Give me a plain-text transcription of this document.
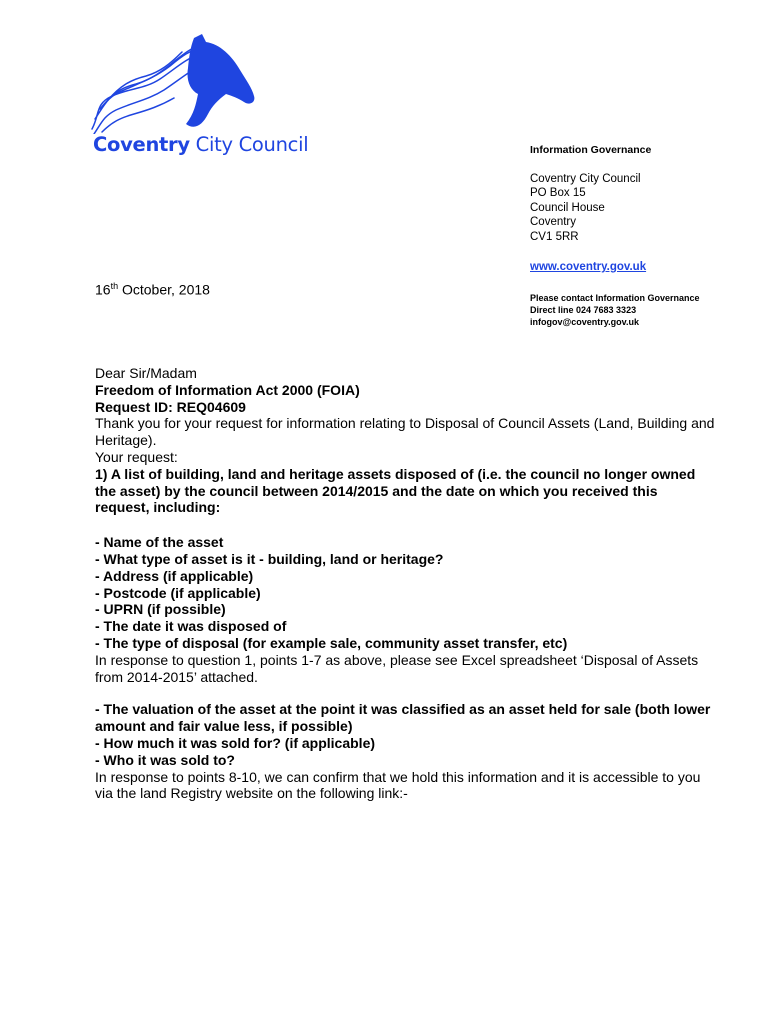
Coventry City Council	Information Governance
Coventry City Council
PO Box 15
Council House
Coventry
CV1 5RR
www.coventry.gov.uk
Please contact Information Governance
Direct line 024 7683 3323
infogov@coventry.gov.uk
16th October, 2018

Dear Sir/Madam

Freedom of Information Act 2000 (FOIA)

Request ID: REQ04609

Thank you for your request for information relating to Disposal of Council Assets (Land, Building and Heritage).

Your request:

1) A list of building, land and heritage assets disposed of (i.e. the council no longer owned the asset) by the council between 2014/2015 and the date on which you received this request, including:

- Name of the asset

- What type of asset is it - building, land or heritage?

- Address (if applicable)

- Postcode (if applicable)

- UPRN (if possible)

- The date it was disposed of

- The type of disposal (for example sale, community asset transfer, etc)

In response to question 1, points 1-7 as above, please see Excel spreadsheet ‘Disposal of Assets from 2014-2015’ attached.

- The valuation of the asset at the point it was classified as an asset held for sale (both lower amount and fair value less, if possible)

- How much it was sold for? (if applicable)

- Who it was sold to?

In response to points 8-10, we can confirm that we hold this information and it is accessible to you via the land Registry website on the following link:-
